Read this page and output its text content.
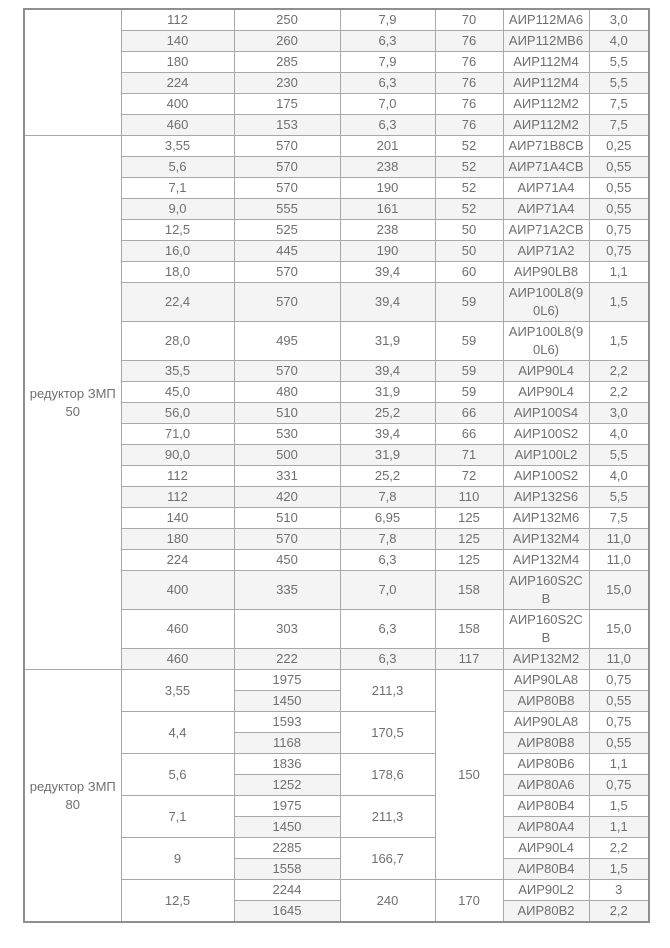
	112	250	7,9	70	АИР112МА6	3,0
	140	260	6,3	76	АИР112МВ6	4,0
	180	285	7,9	76	АИР112М4	5,5
	224	230	6,3	76	АИР112М4	5,5
	400	175	7,0	76	АИР112М2	7,5
	460	153	6,3	76	АИР112М2	7,5
редуктор ЗМП 50	3,55	570	201	52	АИР71В8СВ	0,25
	5,6	570	238	52	АИР71А4СВ	0,55
	7,1	570	190	52	АИР71А4	0,55
	9,0	555	161	52	АИР71А4	0,55
	12,5	525	238	50	АИР71А2СВ	0,75
	16,0	445	190	50	АИР71А2	0,75
	18,0	570	39,4	60	АИР90LB8	1,1
	22,4	570	39,4	59	АИР100L8(90L6)	1,5
	28,0	495	31,9	59	АИР100L8(90L6)	1,5
	35,5	570	39,4	59	АИР90L4	2,2
	45,0	480	31,9	59	АИР90L4	2,2
	56,0	510	25,2	66	АИР100S4	3,0
	71,0	530	39,4	66	АИР100S2	4,0
	90,0	500	31,9	71	АИР100L2	5,5
	112	331	25,2	72	АИР100S2	4,0
	112	420	7,8	110	АИР132S6	5,5
	140	510	6,95	125	АИР132М6	7,5
	180	570	7,8	125	АИР132М4	11,0
	224	450	6,3	125	АИР132М4	11,0
	400	335	7,0	158	АИР160S2СВ	15,0
	460	303	6,3	158	АИР160S2СВ	15,0
	460	222	6,3	117	АИР132М2	11,0
редуктор ЗМП 80	3,55	1975	211,3	150	АИР90LA8	0,75
		1450			АИР80В8	0,55
	4,4	1593	170,5		АИР90LA8	0,75
		1168			АИР80В8	0,55
	5,6	1836	178,6		АИР80В6	1,1
		1252			АИР80А6	0,75
	7,1	1975	211,3		АИР80В4	1,5
		1450			АИР80А4	1,1
	9	2285	166,7		АИР90L4	2,2
		1558			АИР80В4	1,5
	12,5	2244	240	170	АИР90L2	3
		1645			АИР80В2	2,2
